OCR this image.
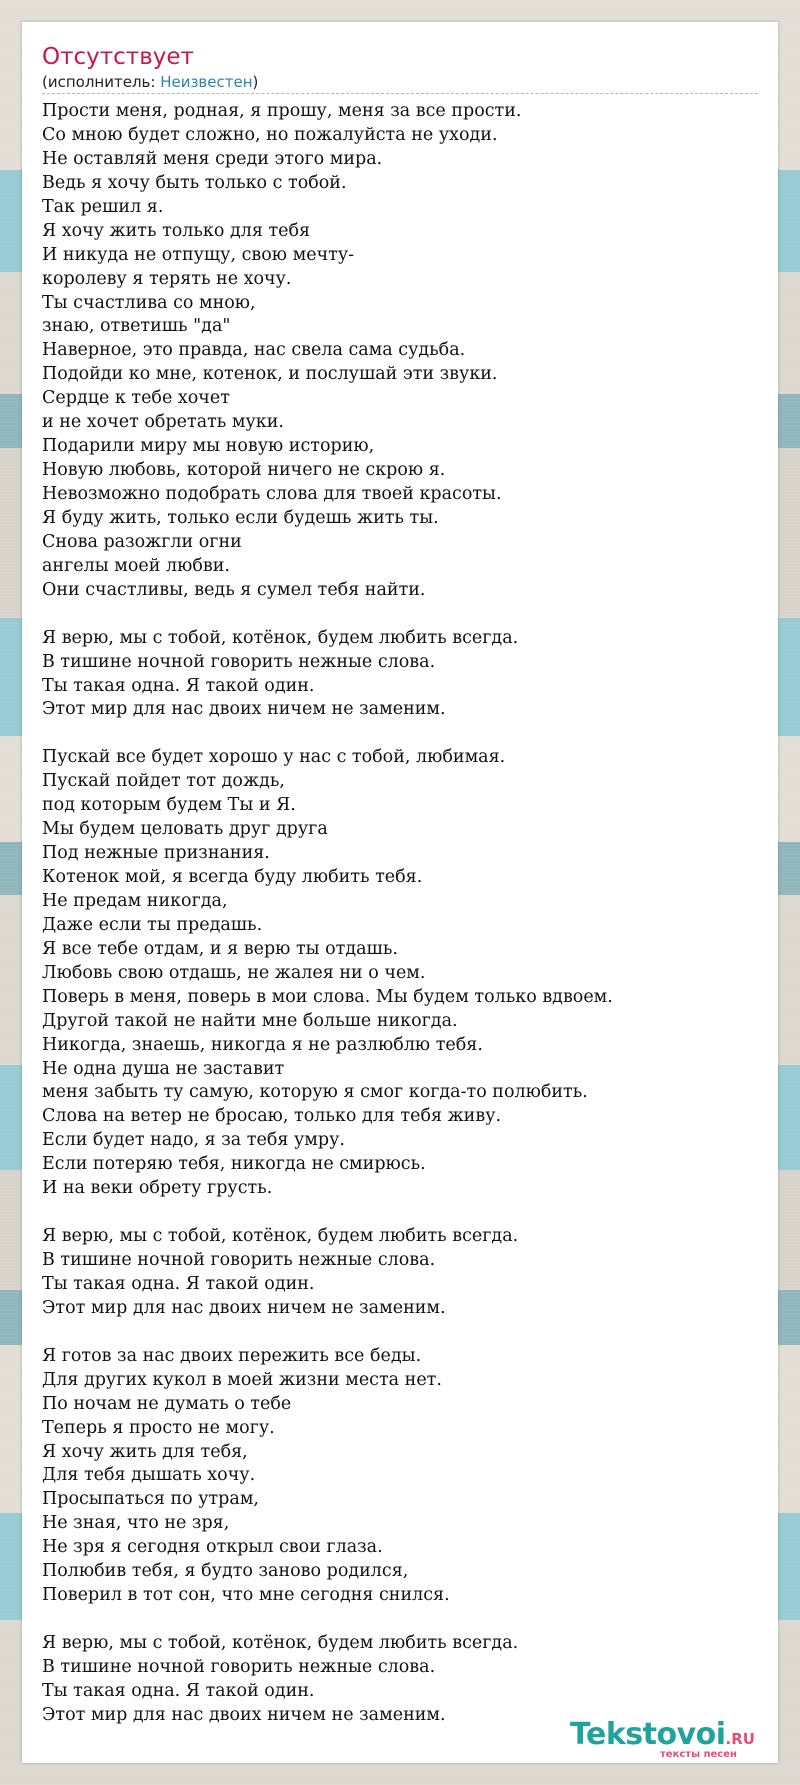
Отсутствует
(исполнитель: Неизвестен)
Прости меня, родная, я прошу, меня за все прости.
Со мною будет сложно, но пожалуйста не уходи.
Не оставляй меня среди этого мира.
Ведь я хочу быть только с тобой.
Так решил я.
Я хочу жить только для тебя
И никуда не отпущу, свою мечту-
королеву я терять не хочу.
Ты счастлива со мною,
знаю, ответишь "да"
Наверное, это правда, нас свела сама судьба.
Подойди ко мне, котенок, и послушай эти звуки.
Сердце к тебе хочет
и не хочет обретать муки.
Подарили миру мы новую историю,
Новую любовь, которой ничего не скрою я.
Невозможно подобрать слова для твоей красоты.
Я буду жить, только если будешь жить ты.
Снова разожгли огни
ангелы моей любви.
Они счастливы, ведь я сумел тебя найти.

Я верю, мы с тобой, котёнок, будем любить всегда.
В тишине ночной говорить нежные слова.
Ты такая одна. Я такой один.
Этот мир для нас двоих ничем не заменим.

Пускай все будет хорошо у нас с тобой, любимая.
Пускай пойдет тот дождь,
под которым будем Ты и Я.
Мы будем целовать друг друга
Под нежные признания.
Котенок мой, я всегда буду любить тебя.
Не предам никогда,
Даже если ты предашь.
Я все тебе отдам, и я верю ты отдашь.
Любовь свою отдашь, не жалея ни о чем.
Поверь в меня, поверь в мои слова. Мы будем только вдвоем.
Другой такой не найти мне больше никогда.
Никогда, знаешь, никогда я не разлюблю тебя.
Не одна душа не заставит
меня забыть ту самую, которую я смог когда-то полюбить.
Слова на ветер не бросаю, только для тебя живу.
Если будет надо, я за тебя умру.
Если потеряю тебя, никогда не смирюсь.
И на веки обрету грусть.

Я верю, мы с тобой, котёнок, будем любить всегда.
В тишине ночной говорить нежные слова.
Ты такая одна. Я такой один.
Этот мир для нас двоих ничем не заменим.

Я готов за нас двоих пережить все беды.
Для других кукол в моей жизни места нет.
По ночам не думать о тебе
Теперь я просто не могу.
Я хочу жить для тебя,
Для тебя дышать хочу.
Просыпаться по утрам,
Не зная, что не зря,
Не зря я сегодня открыл свои глаза.
Полюбив тебя, я будто заново родился,
Поверил в тот сон, что мне сегодня снился.

Я верю, мы с тобой, котёнок, будем любить всегда.
В тишине ночной говорить нежные слова.
Ты такая одна. Я такой один.
Этот мир для нас двоих ничем не заменим.
Tekstovoi.RU
тексты песен
